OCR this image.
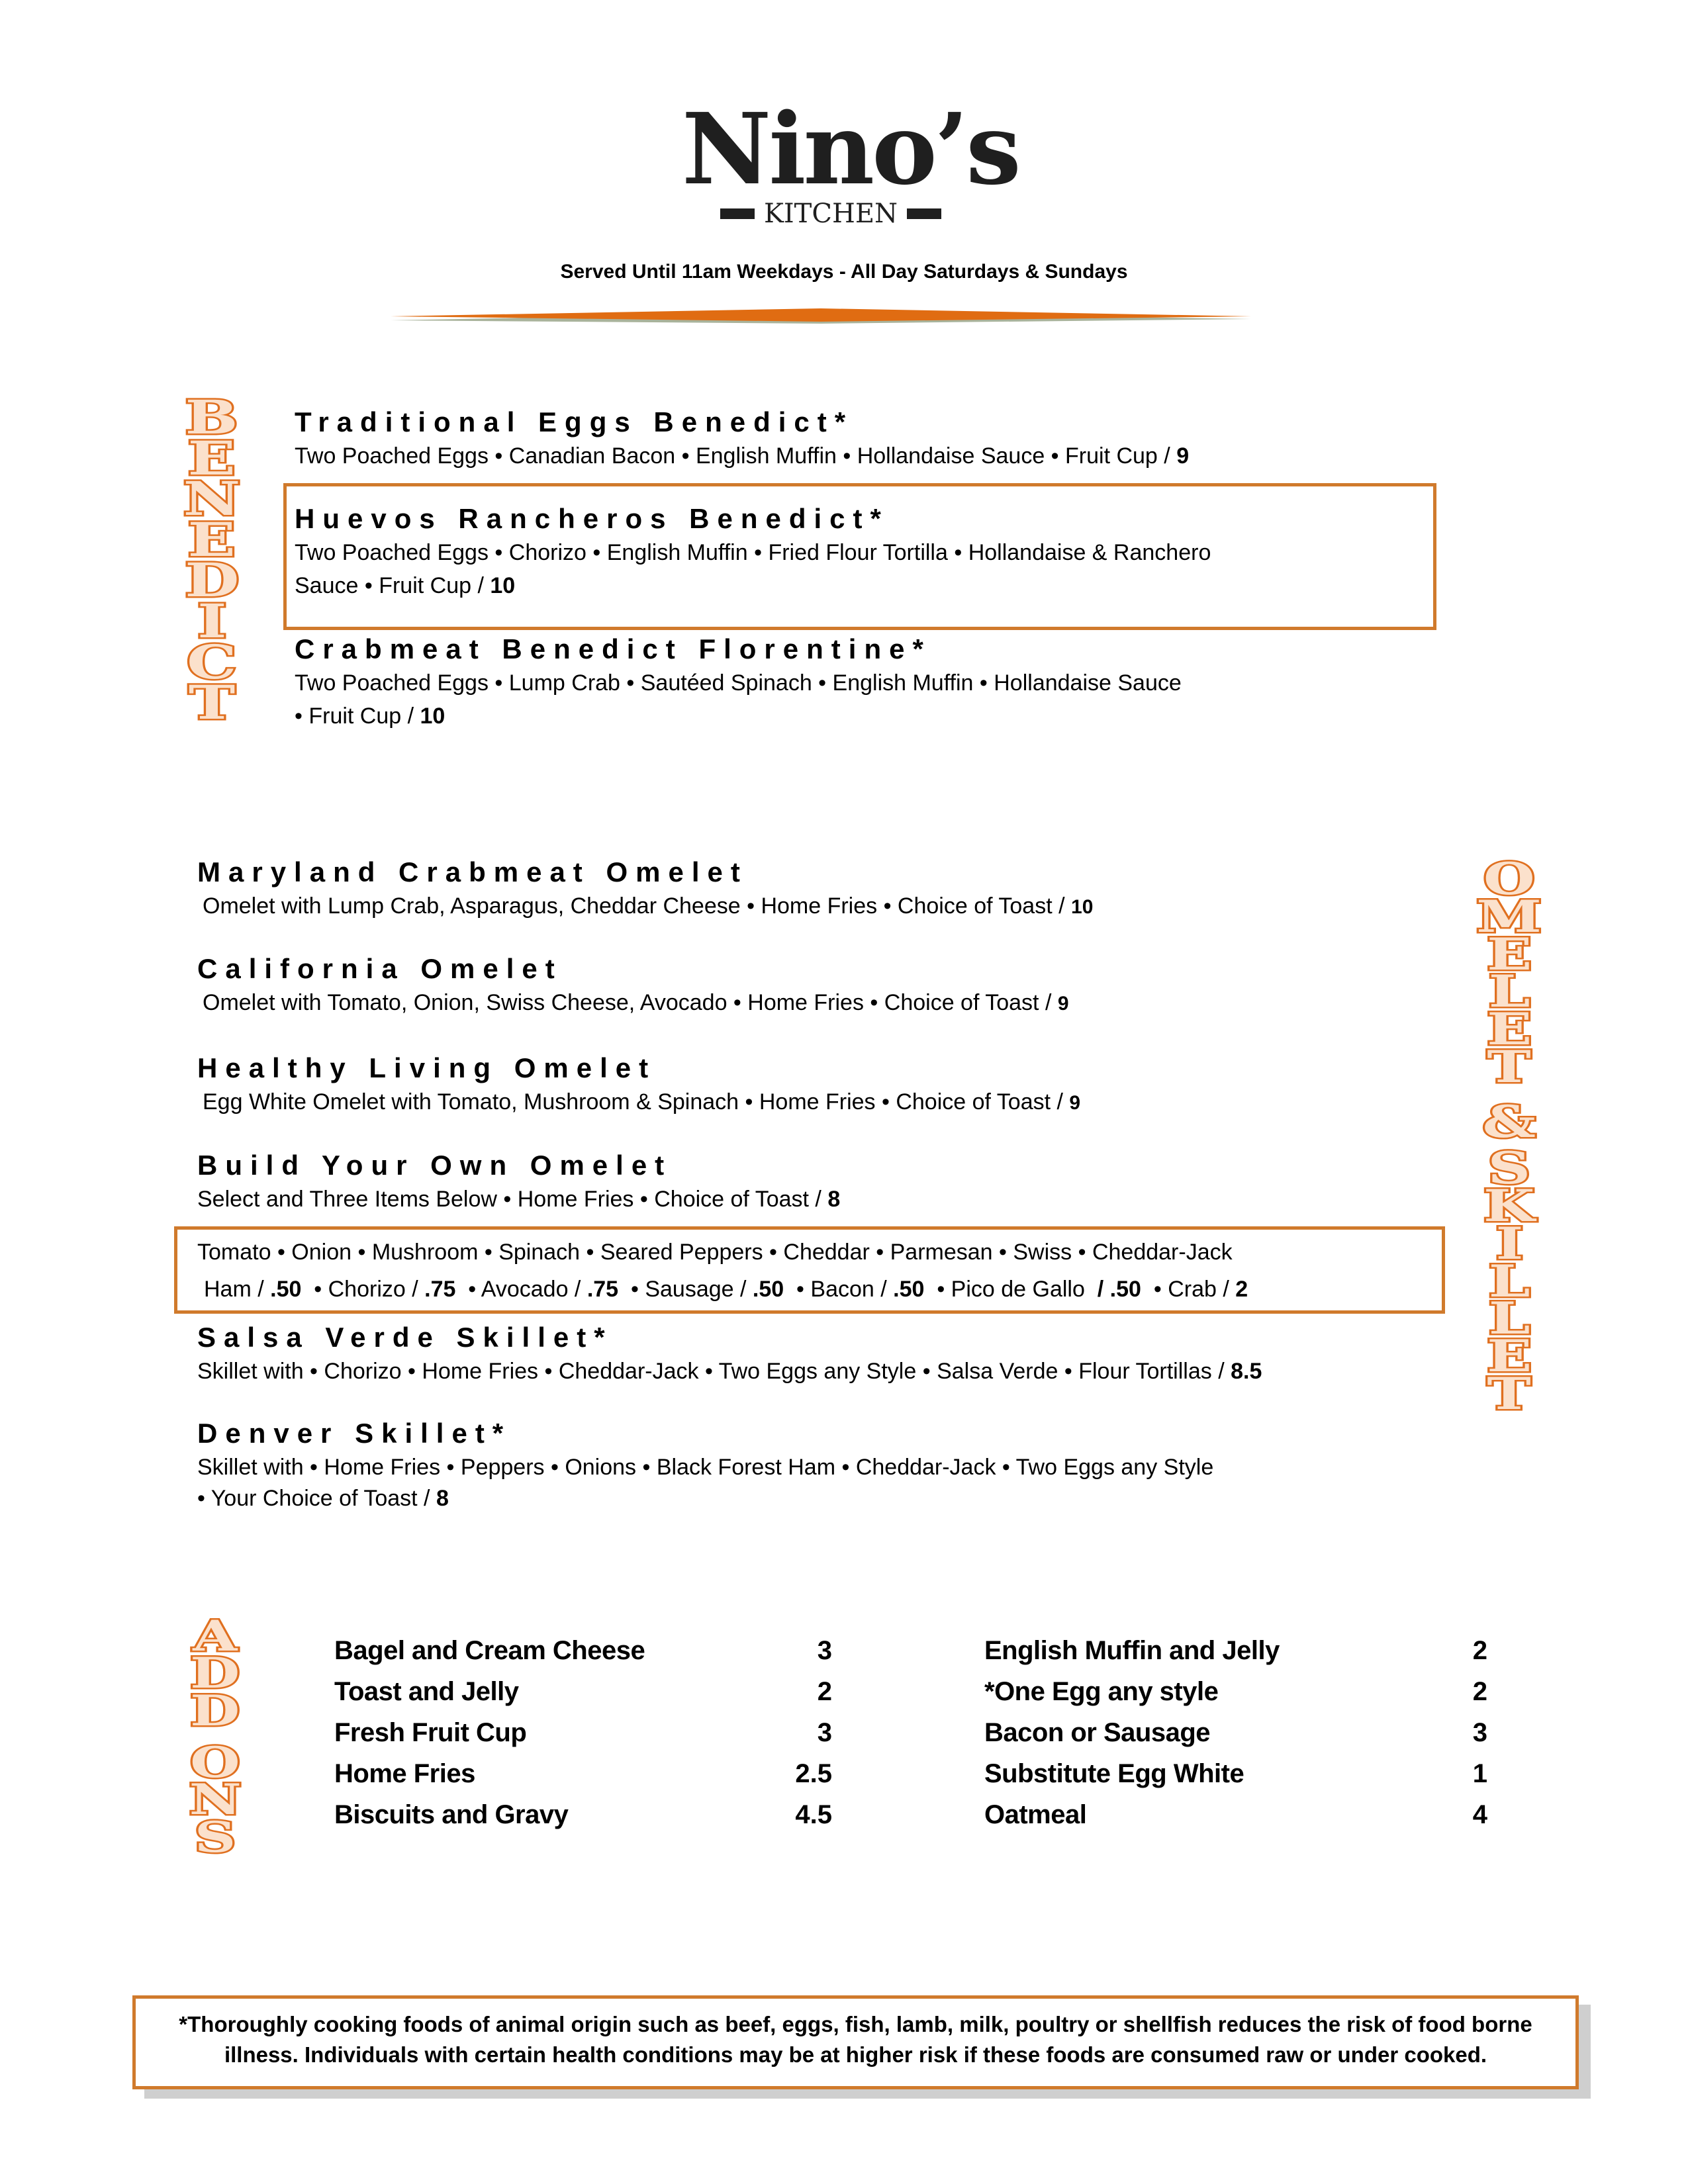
Nino’s
KITCHEN
Served Until 11am Weekdays - All Day Saturdays & Sundays
B
E
N
E
D
I
C
T
Traditional Eggs Benedict*
Two Poached Eggs • Canadian Bacon • English Muffin • Hollandaise Sauce • Fruit Cup / 9
Huevos Rancheros Benedict*
Two Poached Eggs • Chorizo • English Muffin • Fried Flour Tortilla • Hollandaise & Ranchero
Sauce • Fruit Cup / 10
Crabmeat Benedict Florentine*
Two Poached Eggs • Lump Crab • Sautéed Spinach • English Muffin • Hollandaise Sauce
• Fruit Cup / 10
O
M
E
L
E
T
&
S
K
I
L
L
E
T
Maryland Crabmeat Omelet
Omelet with Lump Crab, Asparagus, Cheddar Cheese • Home Fries • Choice of Toast / 10
California Omelet
Omelet with Tomato, Onion, Swiss Cheese, Avocado • Home Fries • Choice of Toast / 9
Healthy Living Omelet
Egg White Omelet with Tomato, Mushroom & Spinach • Home Fries • Choice of Toast / 9
Build Your Own Omelet
Select and Three Items Below • Home Fries • Choice of Toast / 8
Tomato • Onion • Mushroom • Spinach • Seared Peppers • Cheddar • Parmesan • Swiss • Cheddar-Jack
Ham / .50  • Chorizo / .75  • Avocado / .75  • Sausage / .50  • Bacon / .50  • Pico de Gallo  / .50  • Crab / 2
Salsa Verde Skillet*
Skillet with • Chorizo • Home Fries • Cheddar-Jack • Two Eggs any Style • Salsa Verde • Flour Tortillas / 8.5
Denver Skillet*
Skillet with • Home Fries • Peppers • Onions • Black Forest Ham • Cheddar-Jack • Two Eggs any Style
• Your Choice of Toast / 8
A
D
D
O
N
S
Bagel and Cream Cheese	3
Toast and Jelly	2
Fresh Fruit Cup	3
Home Fries	2.5
Biscuits and Gravy	4.5
English Muffin and Jelly	2
*One Egg any style	2
Bacon or Sausage	3
Substitute Egg White	1
Oatmeal	4
*Thoroughly cooking foods of animal origin such as beef, eggs, fish, lamb, milk, poultry or shellfish reduces the risk of food borne
illness. Individuals with certain health conditions may be at higher risk if these foods are consumed raw or under cooked.
